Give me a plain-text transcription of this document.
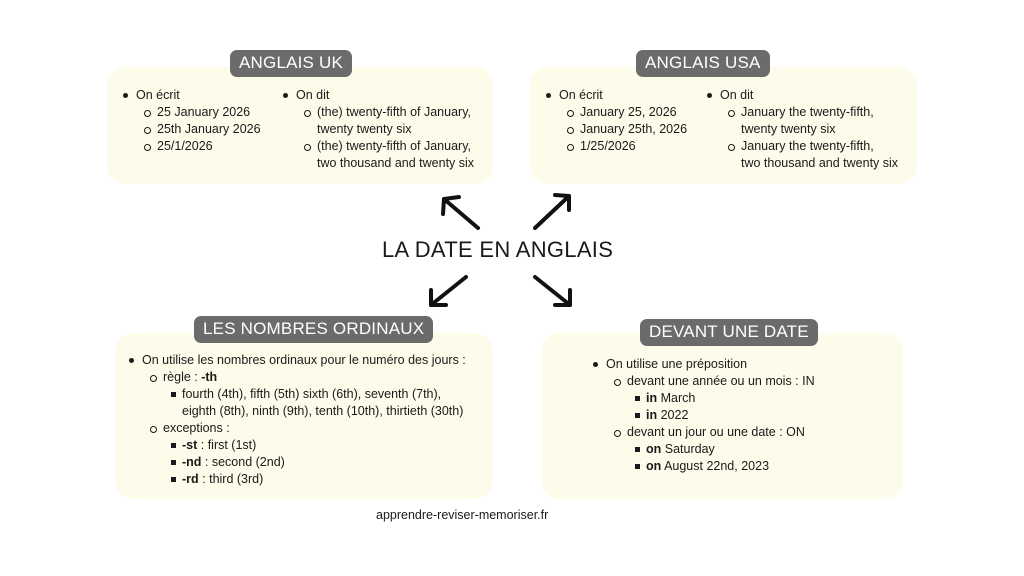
ANGLAIS UK
On écrit
25 January 2026
25th January 2026
25/1/2026
On dit
(the) twenty-fifth of January,
twenty twenty six
(the) twenty-fifth of January,
two thousand and twenty six
ANGLAIS USA
On écrit
January 25, 2026
January 25th, 2026
1/25/2026
On dit
January the twenty-fifth,
twenty twenty six
January the twenty-fifth,
two thousand and twenty six
LA DATE EN ANGLAIS
LES NOMBRES ORDINAUX
On utilise les nombres ordinaux pour le numéro des jours :
règle : -th
fourth (4th), fifth (5th) sixth (6th), seventh (7th),
eighth (8th), ninth (9th), tenth (10th), thirtieth (30th)
exceptions :
-st : first (1st)
-nd : second (2nd)
-rd : third (3rd)
DEVANT UNE DATE
On utilise une préposition
devant une année ou un mois : IN
in March
in 2022
devant un jour ou une date : ON
on Saturday
on August 22nd, 2023
apprendre-reviser-memoriser.fr
